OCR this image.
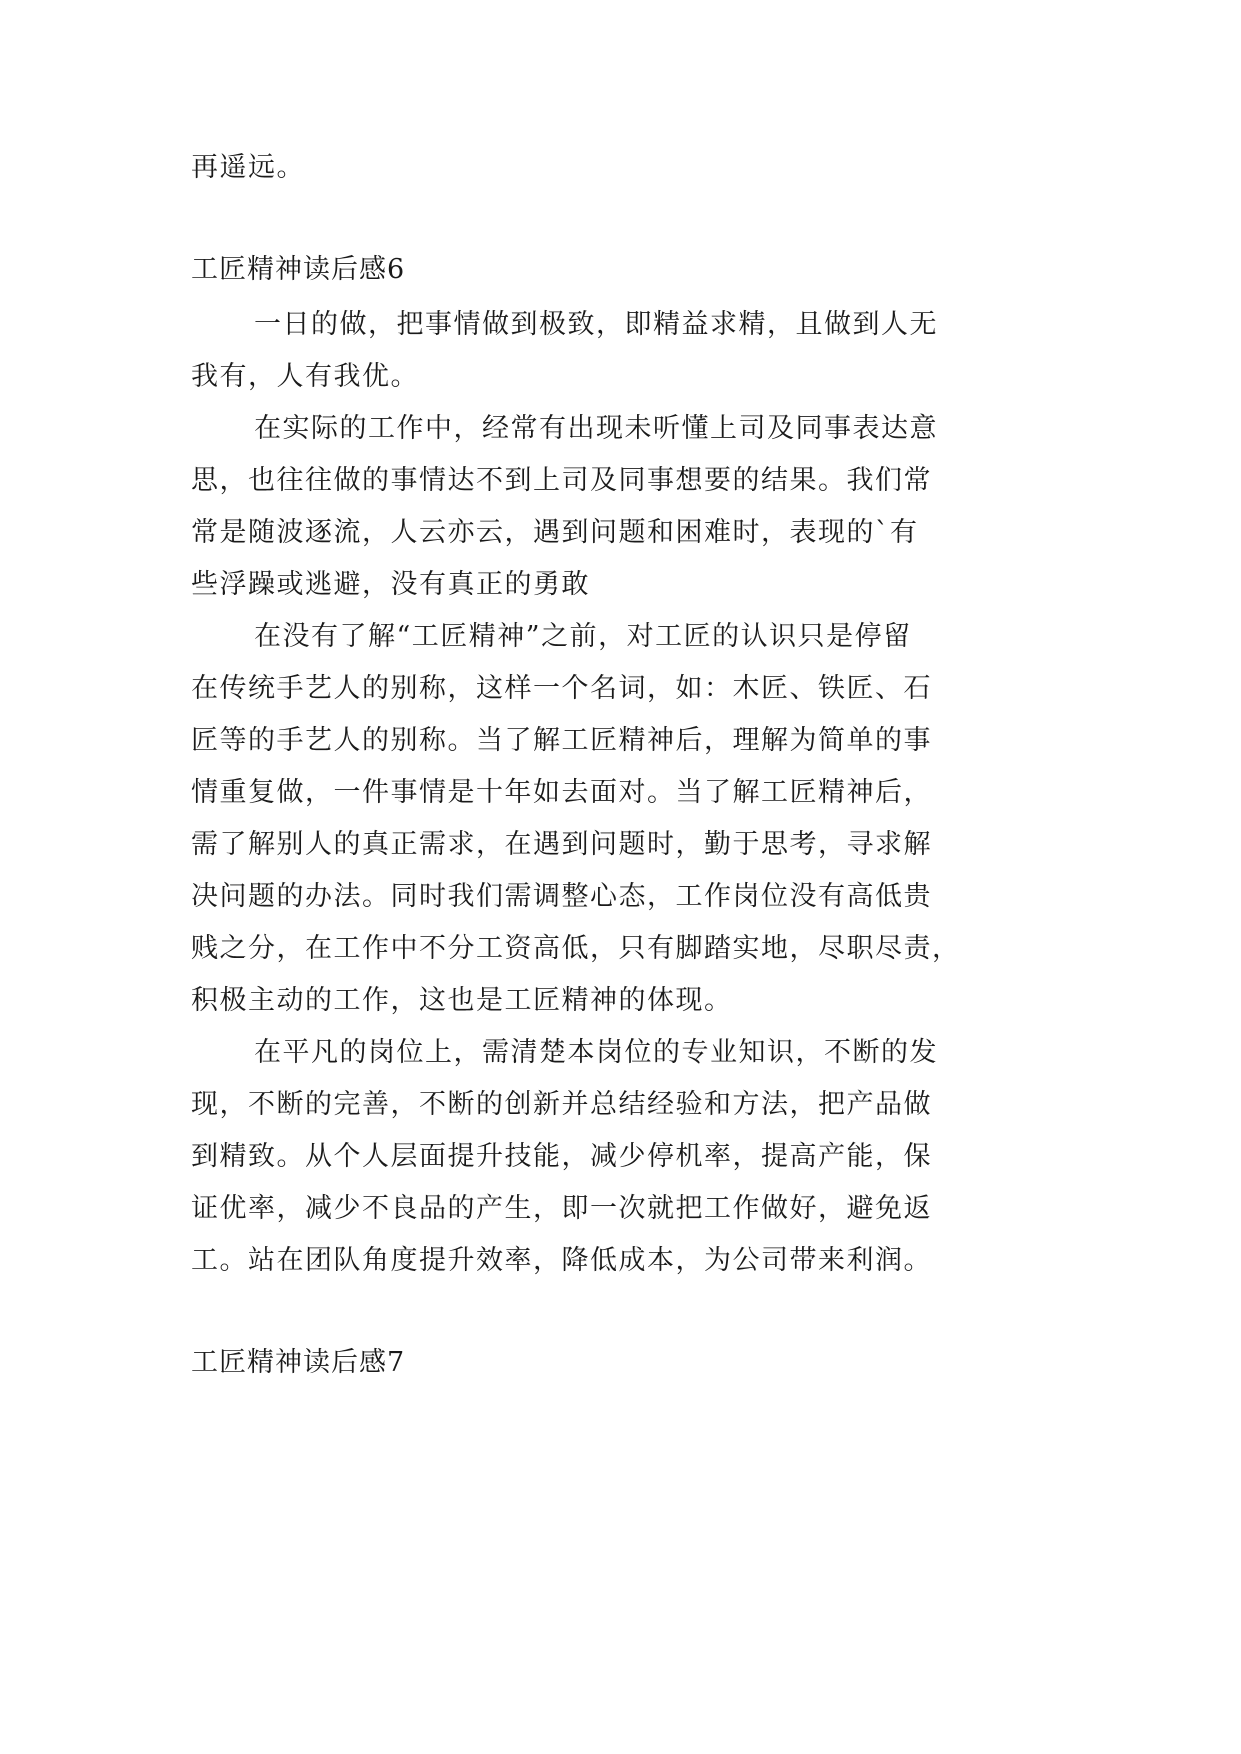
再遥远。
工匠精神读后感6
一日的做，把事情做到极致，即精益求精，且做到人无
我有，人有我优。
在实际的工作中，经常有出现未听懂上司及同事表达意
思，也往往做的事情达不到上司及同事想要的结果。我们常
常是随波逐流，人云亦云，遇到问题和困难时，表现的`有
些浮躁或逃避，没有真正的勇敢
在没有了解“工匠精神”之前，对工匠的认识只是停留
在传统手艺人的别称，这样一个名词，如：木匠、铁匠、石
匠等的手艺人的别称。当了解工匠精神后，理解为简单的事
情重复做，一件事情是十年如去面对。当了解工匠精神后，
需了解别人的真正需求，在遇到问题时，勤于思考，寻求解
决问题的办法。同时我们需调整心态，工作岗位没有高低贵
贱之分，在工作中不分工资高低，只有脚踏实地，尽职尽责，
积极主动的工作，这也是工匠精神的体现。
在平凡的岗位上，需清楚本岗位的专业知识，不断的发
现，不断的完善，不断的创新并总结经验和方法，把产品做
到精致。从个人层面提升技能，减少停机率，提高产能，保
证优率，减少不良品的产生，即一次就把工作做好，避免返
工。站在团队角度提升效率，降低成本，为公司带来利润。
工匠精神读后感7
